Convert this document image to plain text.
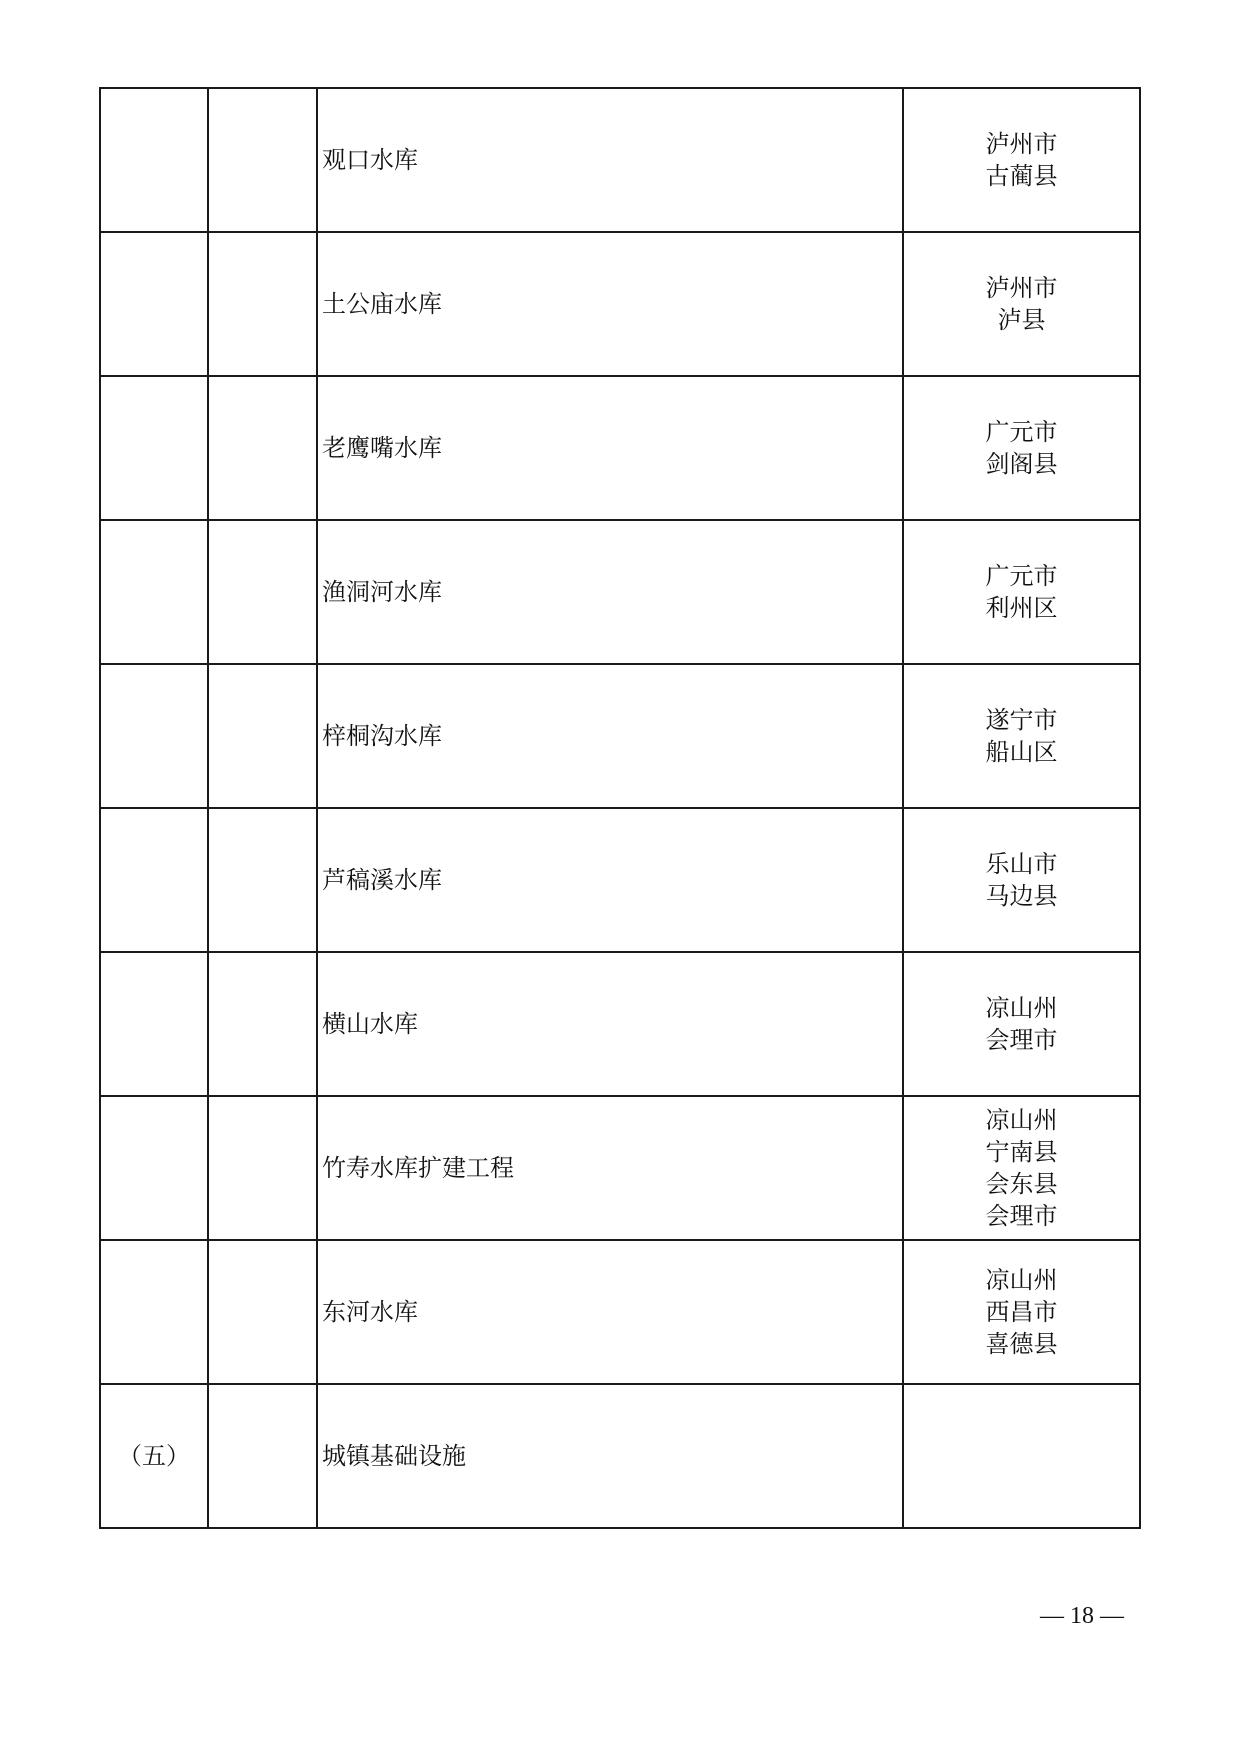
		观口水库	泸州市
古蔺县

		土公庙水库	泸州市
泸县

		老鹰嘴水库	广元市
剑阁县

		渔洞河水库	广元市
利州区

		梓桐沟水库	遂宁市
船山区

		芦稿溪水库	乐山市
马边县

		横山水库	凉山州
会理市

		竹寿水库扩建工程	凉山州
宁南县
会东县
会理市

		东河水库	凉山州
西昌市
喜德县

（五）		城镇基础设施	
— 18 —
